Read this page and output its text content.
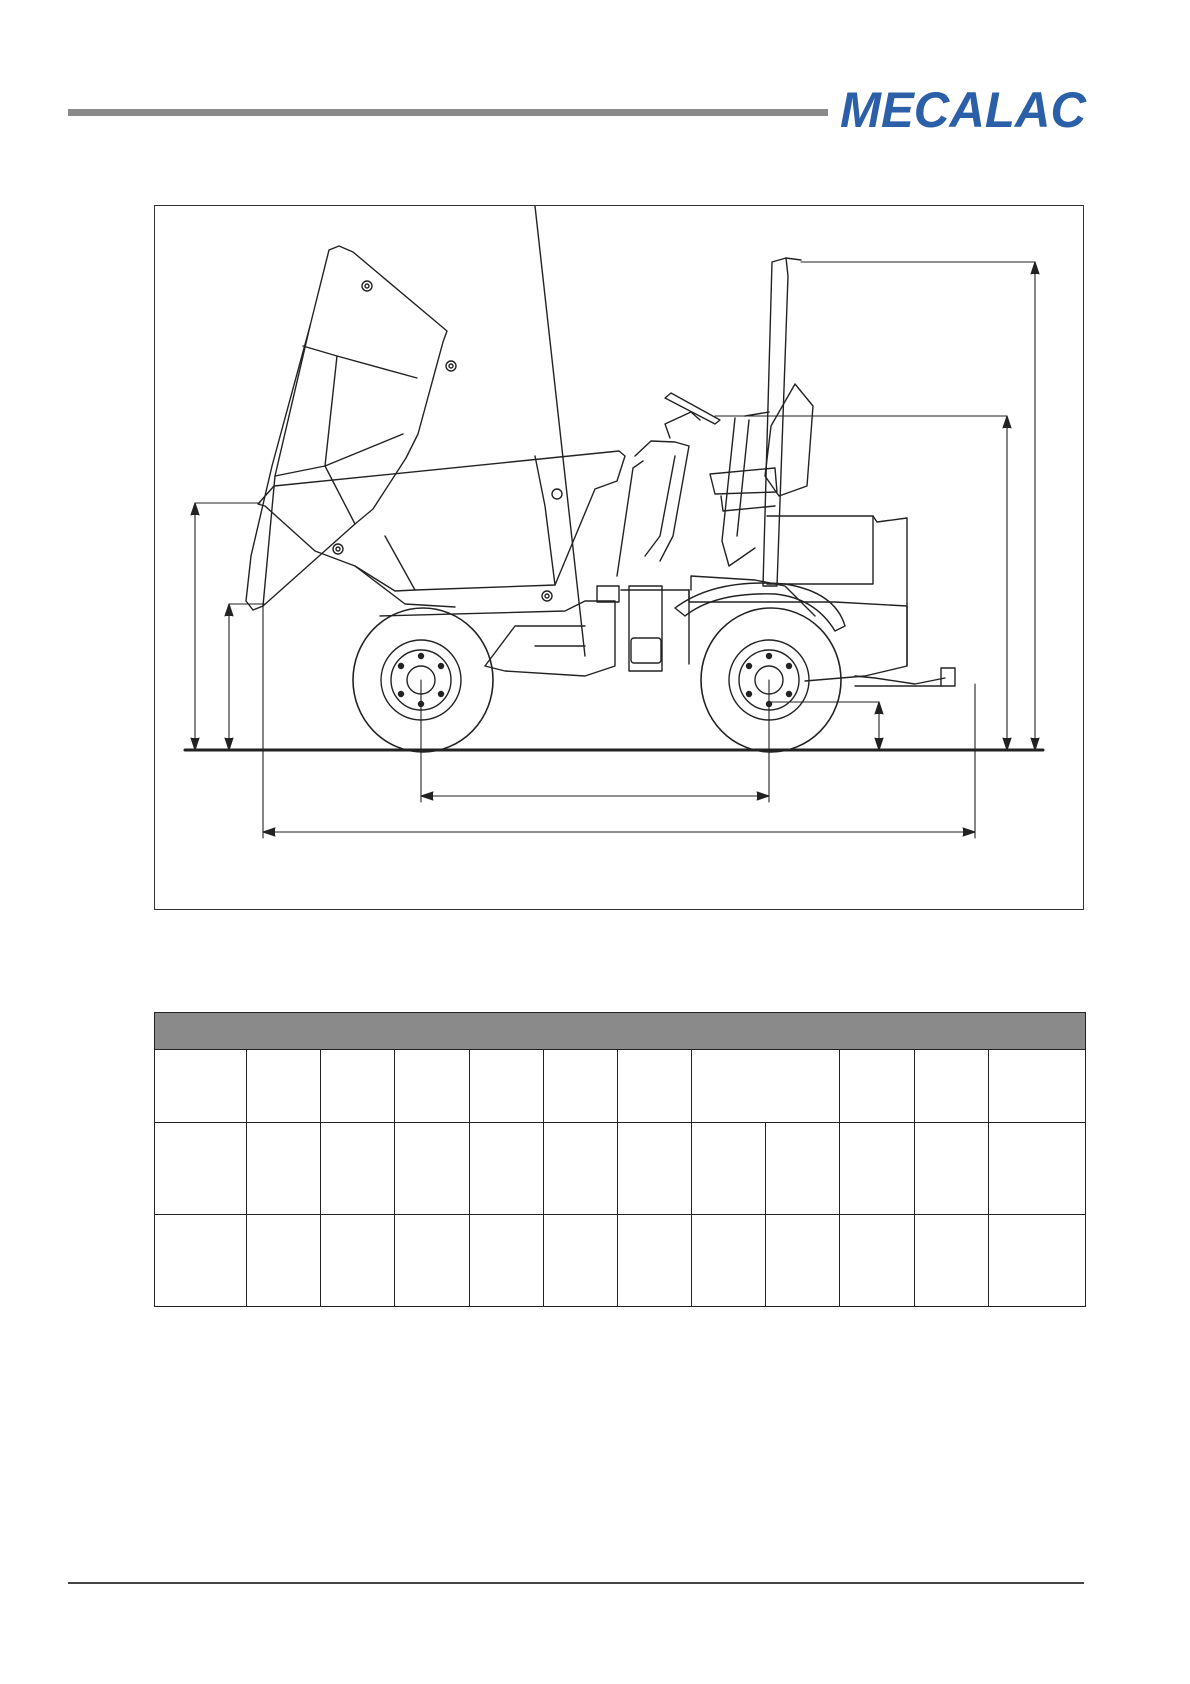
MECALAC
